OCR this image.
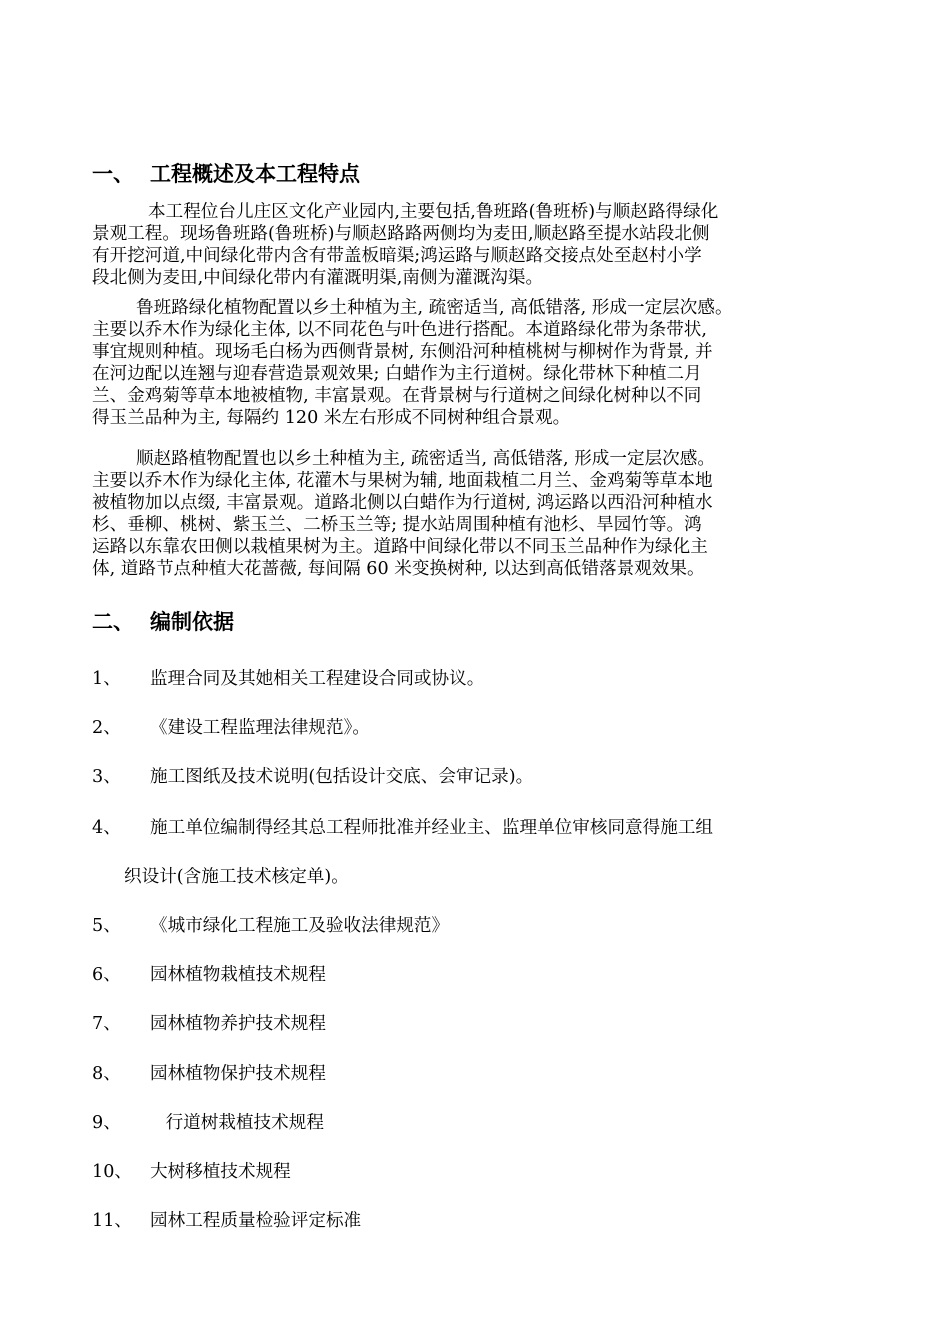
一、 工程概述及本工程特点
本工程位台儿庄区文化产业园内,主要包括,鲁班路(鲁班桥)与顺赵路得绿化
景观工程。现场鲁班路(鲁班桥)与顺赵路路两侧均为麦田,顺赵路至提水站段北侧
有开挖河道,中间绿化带内含有带盖板暗渠;鸿运路与顺赵路交接点处至赵村小学
段北侧为麦田,中间绿化带内有灌溉明渠,南侧为灌溉沟渠。
鲁班路绿化植物配置以乡土种植为主, 疏密适当, 高低错落, 形成一定层次感。
主要以乔木作为绿化主体, 以不同花色与叶色进行搭配。本道路绿化带为条带状,
事宜规则种植。现场毛白杨为西侧背景树, 东侧沿河种植桃树与柳树作为背景, 并
在河边配以连翘与迎春营造景观效果; 白蜡作为主行道树。绿化带林下种植二月
兰、金鸡菊等草本地被植物, 丰富景观。在背景树与行道树之间绿化树种以不同
得玉兰品种为主, 每隔约 120 米左右形成不同树种组合景观。
顺赵路植物配置也以乡土种植为主, 疏密适当, 高低错落, 形成一定层次感。
主要以乔木作为绿化主体, 花灌木与果树为辅, 地面栽植二月兰、金鸡菊等草本地
被植物加以点缀, 丰富景观。道路北侧以白蜡作为行道树, 鸿运路以西沿河种植水
杉、垂柳、桃树、紫玉兰、二桥玉兰等; 提水站周围种植有池杉、旱园竹等。鸿
运路以东靠农田侧以栽植果树为主。道路中间绿化带以不同玉兰品种作为绿化主
体, 道路节点种植大花蔷薇, 每间隔 60 米变换树种, 以达到高低错落景观效果。
二、 编制依据
1、 监理合同及其她相关工程建设合同或协议。
2、 《建设工程监理法律规范》。
3、 施工图纸及技术说明(包括设计交底、会审记录)。
4、 施工单位编制得经其总工程师批准并经业主、监理单位审核同意得施工组
织设计(含施工技术核定单)。
5、 《城市绿化工程施工及验收法律规范》
6、 园林植物栽植技术规程
7、 园林植物养护技术规程
8、 园林植物保护技术规程
9、 行道树栽植技术规程
10、 大树移植技术规程
11、 园林工程质量检验评定标准
